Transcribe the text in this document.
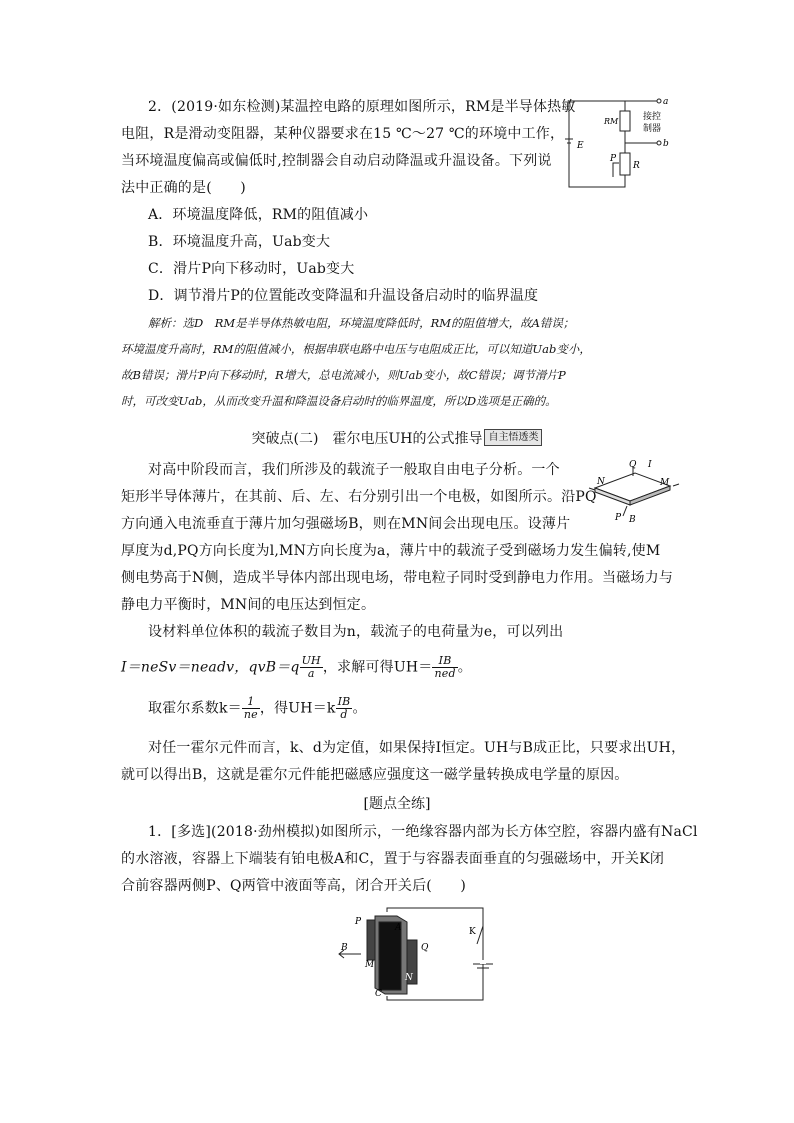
2．(2019·如东检测)某温控电路的原理如图所示，RM是半导体热敏
电阻，R是滑动变阻器，某种仪器要求在15 ℃～27 ℃的环境中工作，
当环境温度偏高或偏低时,控制器会自动启动降温或升温设备。下列说
法中正确的是(　　)
A．环境温度降低，RM的阻值减小
B．环境温度升高，Uab变大
C．滑片P向下移动时，Uab变大
D．调节滑片P的位置能改变降温和升温设备启动时的临界温度
解析：选D　RM是半导体热敏电阻，环境温度降低时，RM的阻值增大，故A错误；
环境温度升高时，RM的阻值减小，根据串联电路中电压与电阻成正比，可以知道Uab变小，
故B错误；滑片P向下移动时，R增大，总电流减小，则Uab变小，故C错误；调节滑片P
时，可改变Uab，从而改变升温和降温设备启动时的临界温度，所以D选项是正确的。
a
b
RM	接控
制器
E
P
R
突破点(二)　霍尔电压UH的公式推导 自主悟透类
对高中阶段而言，我们所涉及的载流子一般取自由电子分析。一个
矩形半导体薄片，在其前、后、左、右分别引出一个电极，如图所示。沿PQ
方向通入电流垂直于薄片加匀强磁场B，则在MN间会出现电压。设薄片
厚度为d,PQ方向长度为l,MN方向长度为a，薄片中的载流子受到磁场力发生偏转,使M
侧电势高于N侧，造成半导体内部出现电场，带电粒子同时受到静电力作用。当磁场力与
静电力平衡时，MN间的电压达到恒定。
设材料单位体积的载流子数目为n，载流子的电荷量为e，可以列出
Q I
N	M
P B
I＝neSv＝neadv，$qvB=q \frac{UH}{a}$ ，求解可得$UH= \frac{IB}{\text{ned}}$ 。
取霍尔系数$k= \frac{1}{ne}$ ，得$UH=k \frac{IB}{d}$ 。
对任一霍尔元件而言，k、d为定值，如果保持I恒定。UH与B成正比，只要求出UH，
就可以得出B，这就是霍尔元件能把磁感应强度这一磁学量转换成电学量的原因。
[题点全练]
1．[多选](2018·劲州模拟)如图所示，一绝缘容器内部为长方体空腔，容器内盛有NaCl
的水溶液，容器上下端装有铂电极A和C，置于与容器表面垂直的匀强磁场中，开关K闭
合前容器两侧P、Q两管中液面等高，闭合开关后(　　)
P
A
Q
B
M
N
C
K
